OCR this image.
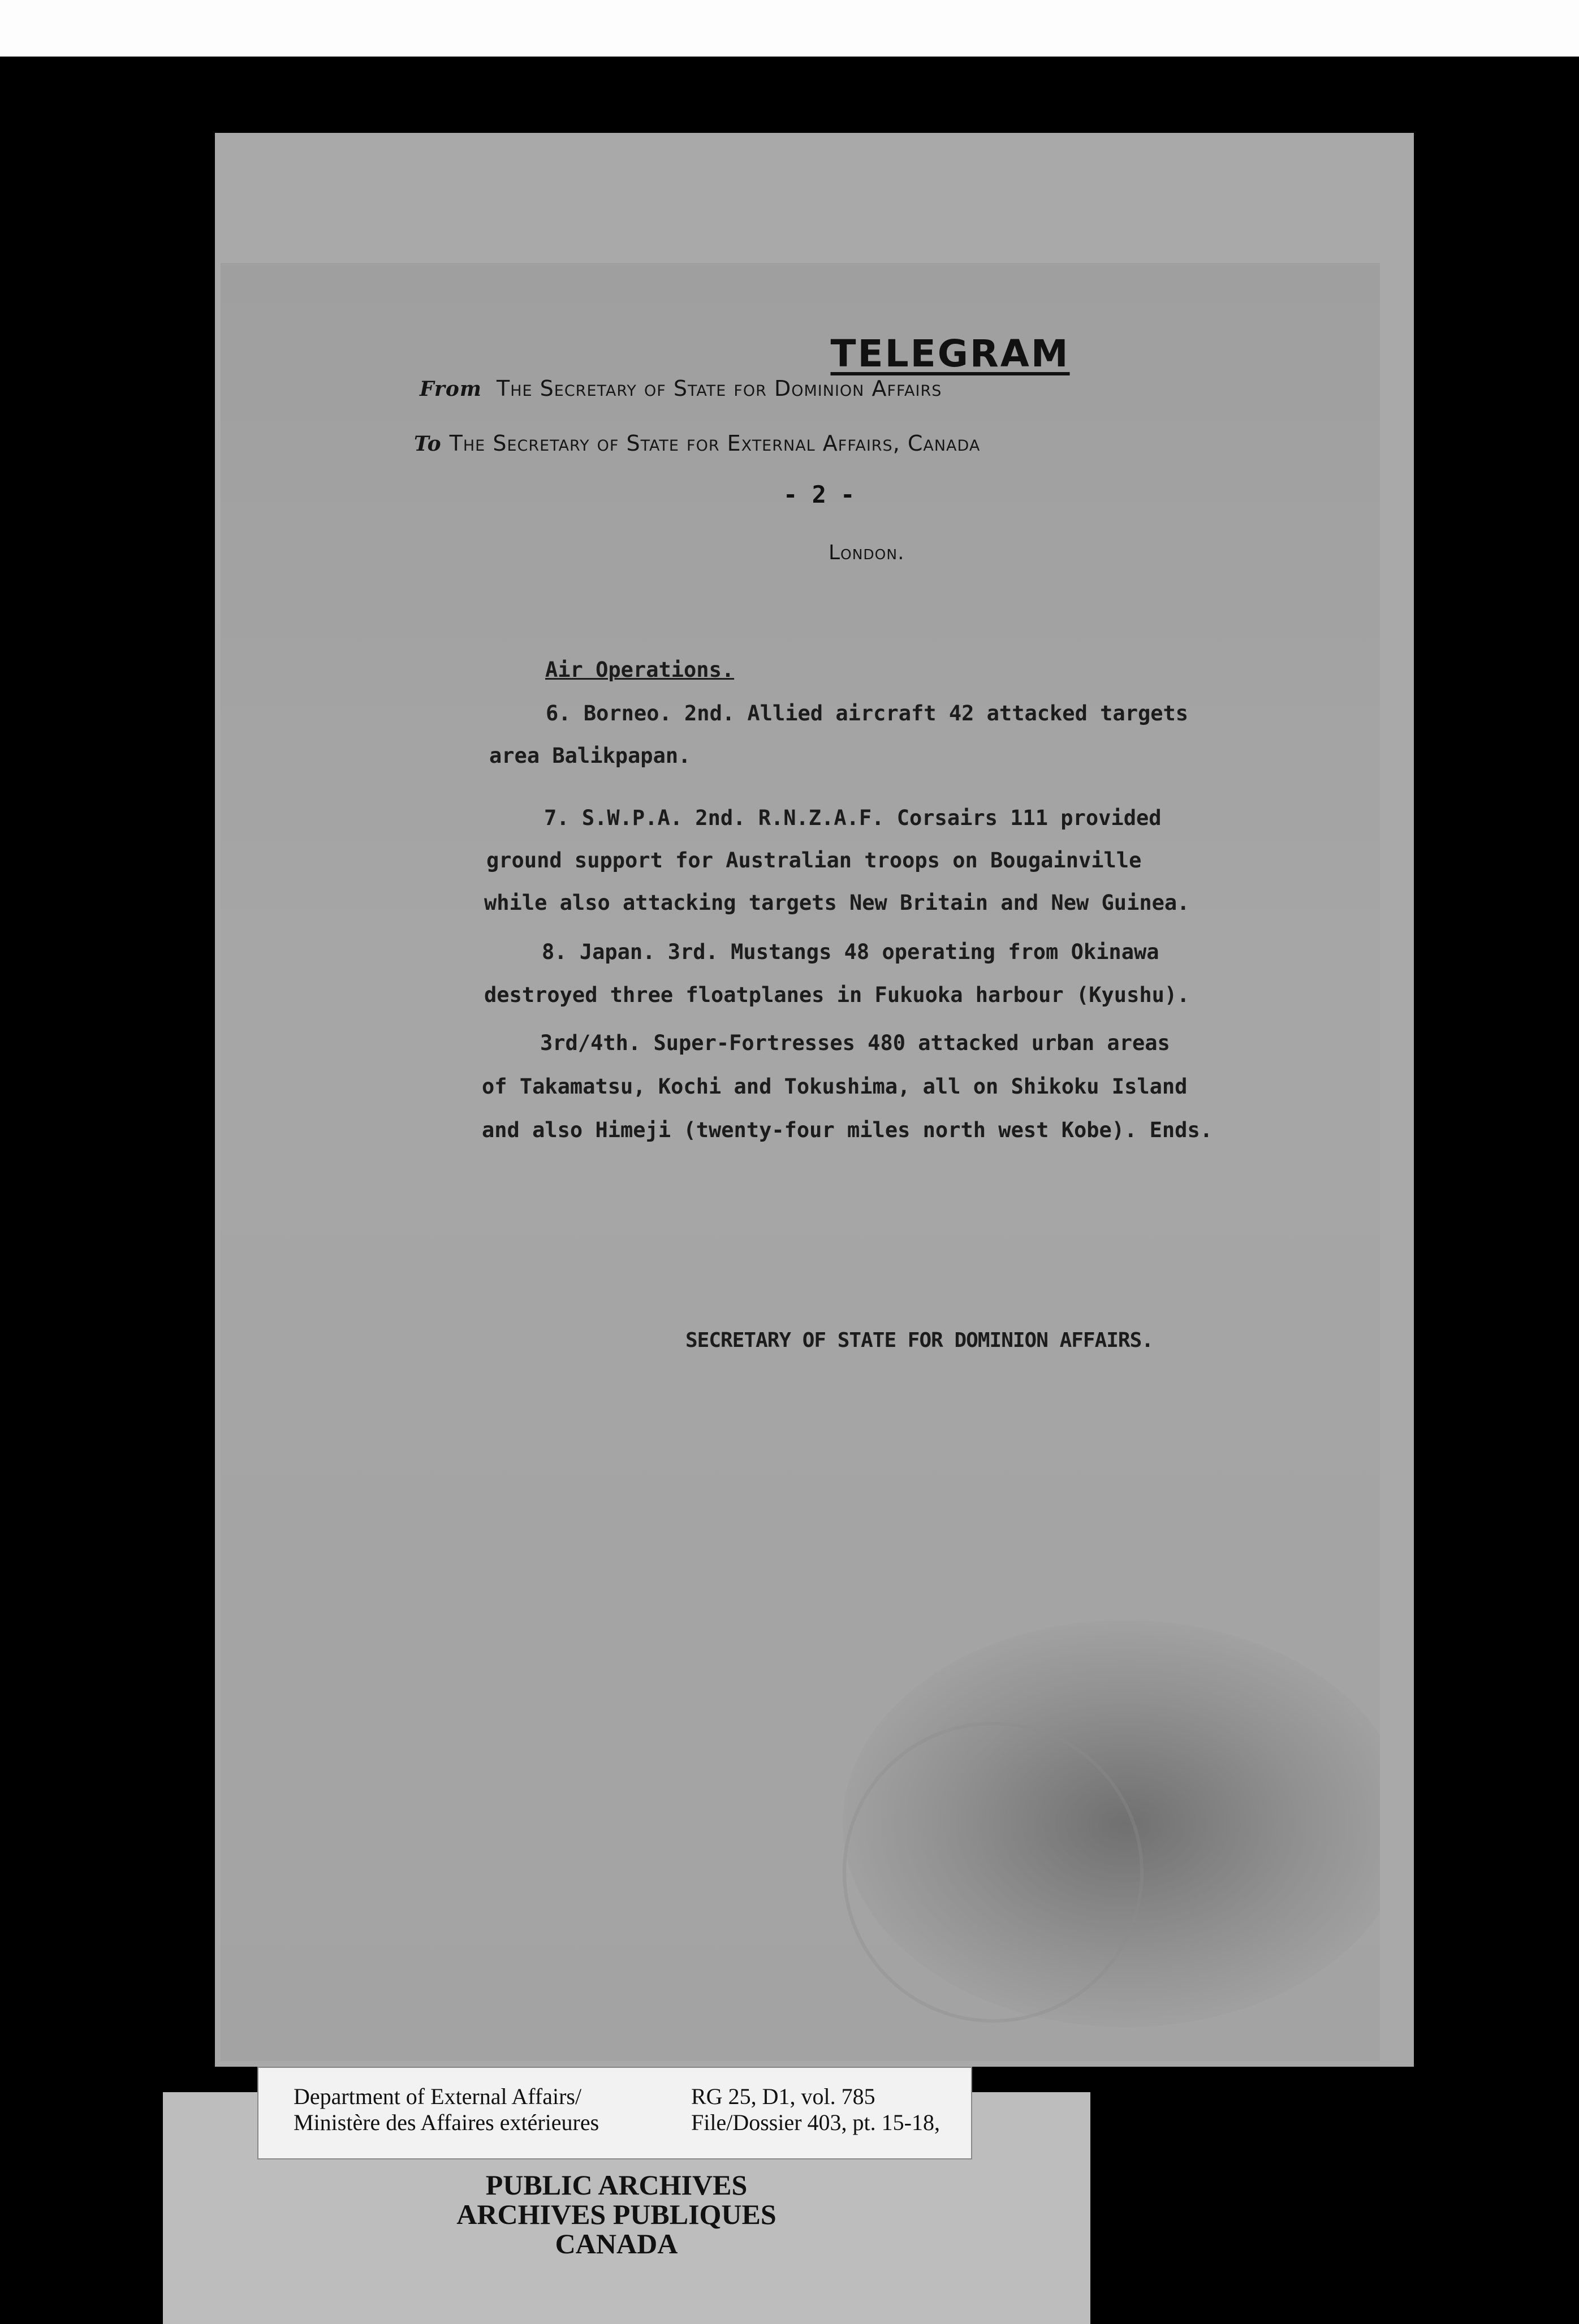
TELEGRAM
From The Secretary of State for Dominion Affairs
To The Secretary of State for External Affairs, Canada
- 2 -
London.
Air Operations.
6. Borneo. 2nd. Allied aircraft 42 attacked targets
area Balikpapan.
7. S.W.P.A. 2nd. R.N.Z.A.F. Corsairs 111 provided
ground support for Australian troops on Bougainville
while also attacking targets New Britain and New Guinea.
8. Japan. 3rd. Mustangs 48 operating from Okinawa
destroyed three floatplanes in Fukuoka harbour (Kyushu).
3rd/4th. Super-Fortresses 480 attacked urban areas
of Takamatsu, Kochi and Tokushima, all on Shikoku Island
and also Himeji (twenty-four miles north west Kobe). Ends.
SECRETARY OF STATE FOR DOMINION AFFAIRS.
Department of External Affairs/
Ministère des Affaires extérieures
RG 25, D1, vol. 785
File/Dossier 403, pt. 15-18,
PUBLIC ARCHIVES
ARCHIVES PUBLIQUES
CANADA
